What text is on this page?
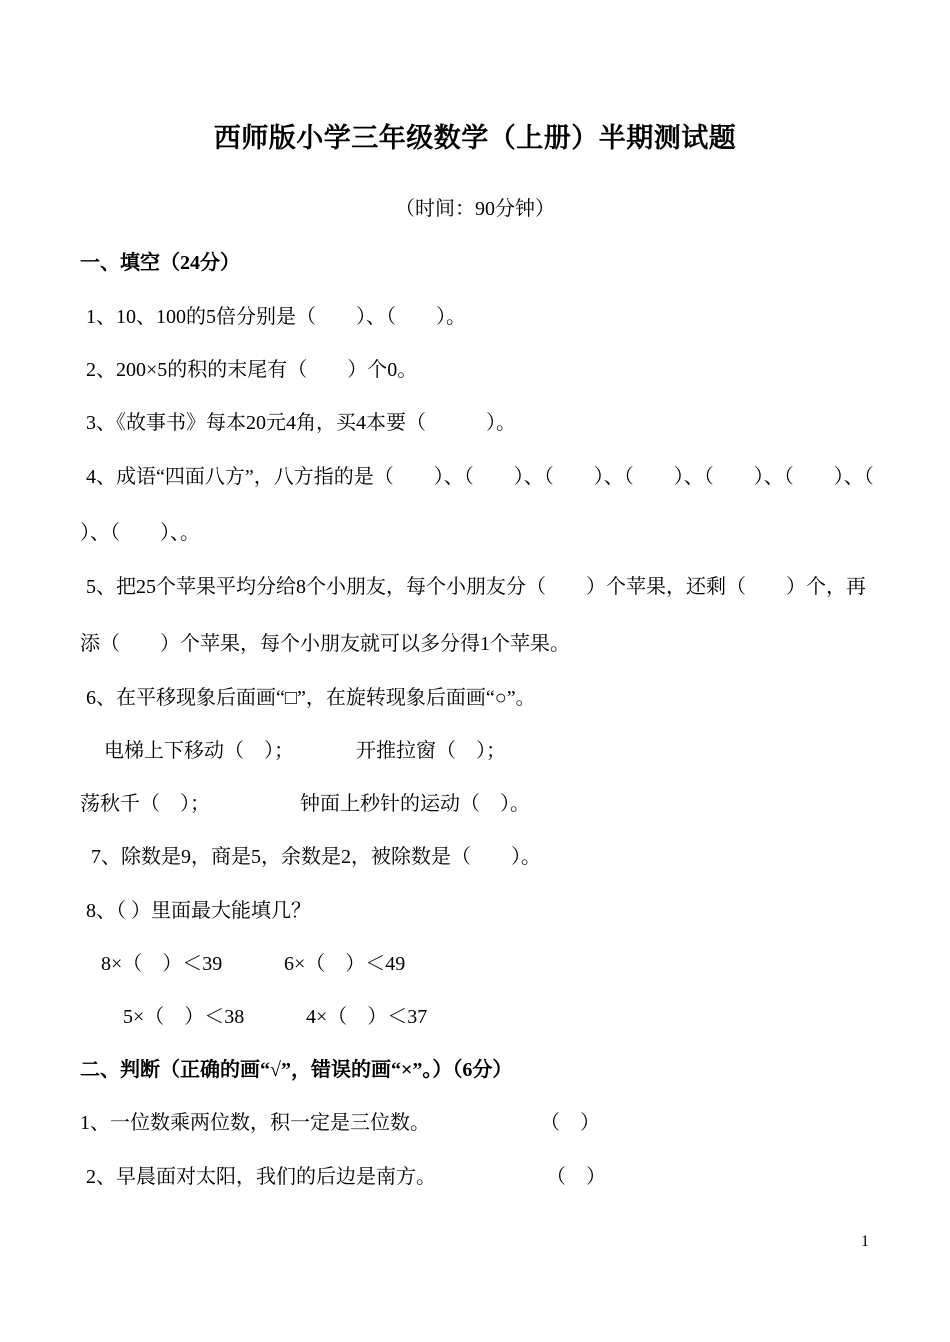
西师版小学三年级数学（上册）半期测试题
（时间：90分钟）
一、填空（24分）
1、10、100的5倍分别是（　　）、（　　）。
2、200×5的积的末尾有（　　）个0。
3、《故事书》每本20元4角，买4本要（　　　）。
4、成语“四面八方”，八方指的是（　　）、（　　）、（　　）、（　　）、（　　）、（　　）、（
）、（　　）、。
5、把25个苹果平均分给8个小朋友，每个小朋友分（　　）个苹果，还剩（　　）个，再
添（　　）个苹果，每个小朋友就可以多分得1个苹果。
6、在平移现象后面画“□”，在旋转现象后面画“○”。
电梯上下移动（　）；	开推拉窗（　）；
荡秋千（　）；	钟面上秒针的运动（　）。
7、除数是9，商是5，余数是2，被除数是（　　）。
8、（ ）里面最大能填几？
8×（　）＜39	6×（　）＜49
5×（　）＜38	4×（　）＜37
二、判断（正确的画“√”，错误的画“×”。）（6分）
1、一位数乘两位数，积一定是三位数。	（　）
2、早晨面对太阳，我们的后边是南方。	（　）
1
